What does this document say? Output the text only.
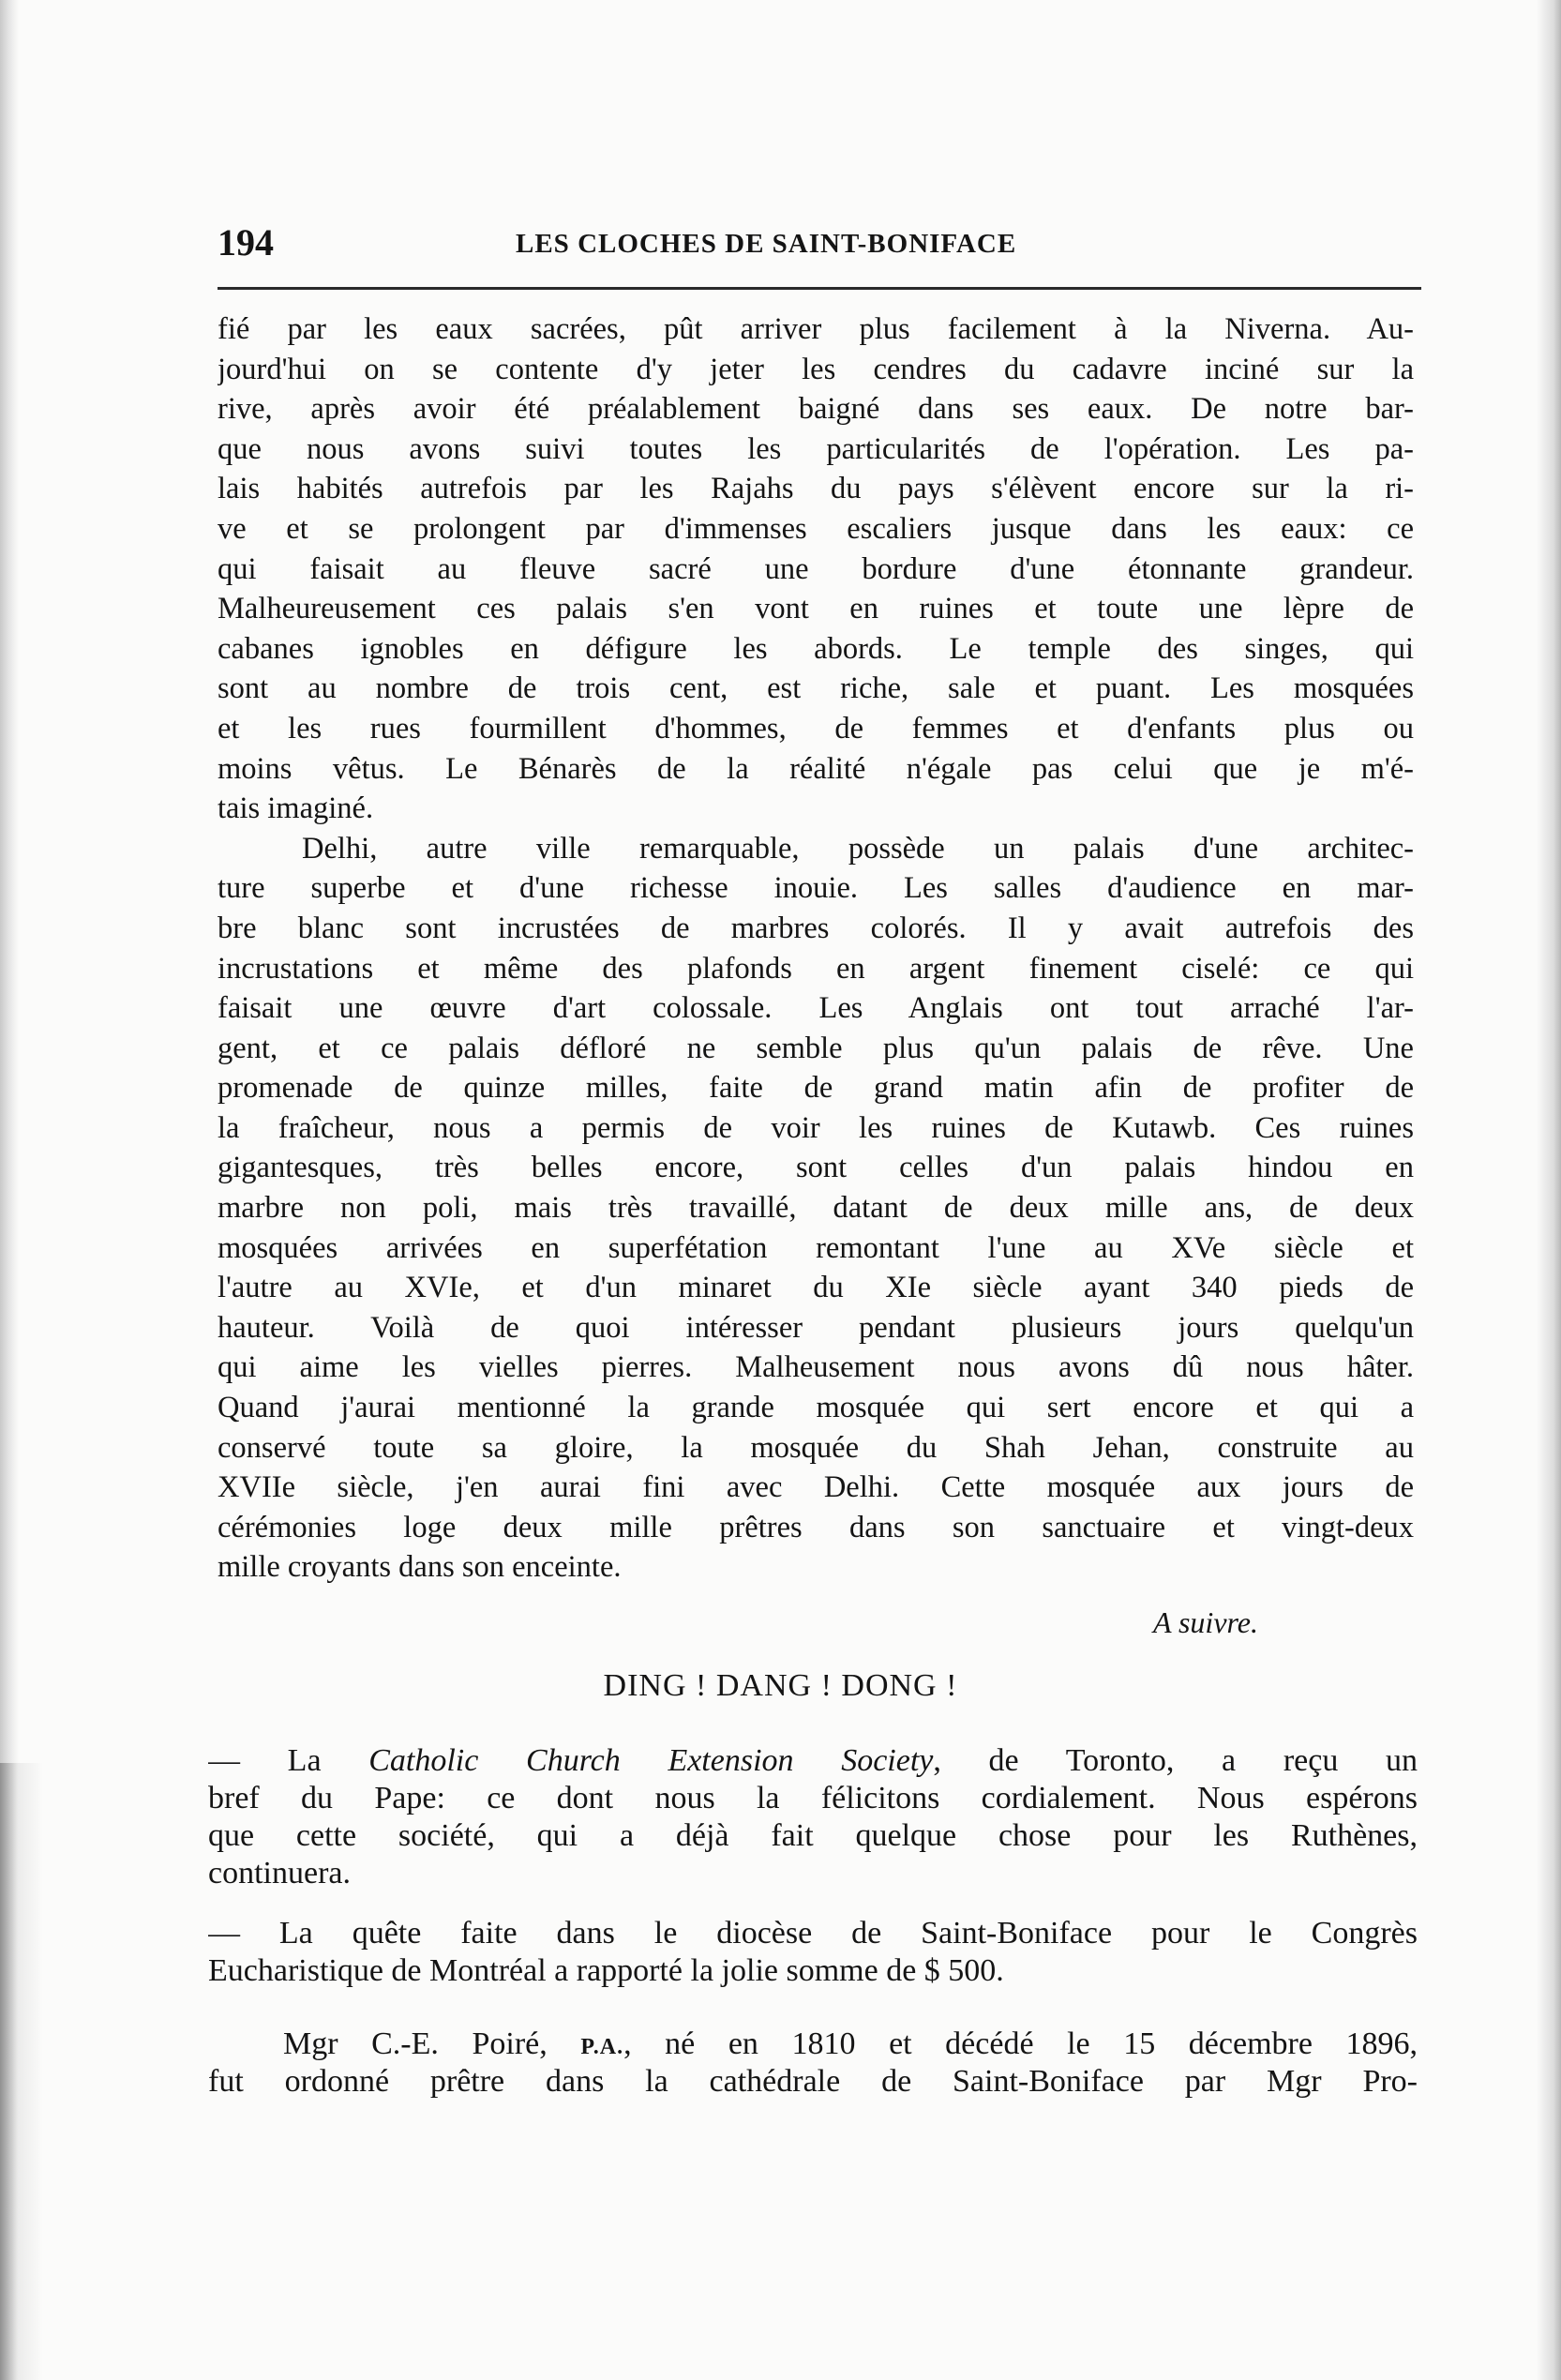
194	LES CLOCHES DE SAINT-BONIFACE
fié par les eaux sacrées, pût arriver plus facilement à la Niverna. Au-
jourd'hui on se contente d'y jeter les cendres du cadavre inciné sur la
rive, après avoir été préalablement baigné dans ses eaux. De notre bar-
que nous avons suivi toutes les particularités de l'opération. Les pa-
lais habités autrefois par les Rajahs du pays s'élèvent encore sur la ri-
ve et se prolongent par d'immenses escaliers jusque dans les eaux: ce
qui faisait au fleuve sacré une bordure d'une étonnante grandeur.
Malheureusement ces palais s'en vont en ruines et toute une lèpre de
cabanes ignobles en défigure les abords. Le temple des singes, qui
sont au nombre de trois cent, est riche, sale et puant. Les mosquées
et les rues fourmillent d'hommes, de femmes et d'enfants plus ou
moins vêtus. Le Bénarès de la réalité n'égale pas celui que je m'é-
tais imaginé.
Delhi, autre ville remarquable, possède un palais d'une architec-
ture superbe et d'une richesse inouie. Les salles d'audience en mar-
bre blanc sont incrustées de marbres colorés. Il y avait autrefois des
incrustations et même des plafonds en argent finement ciselé: ce qui
faisait une œuvre d'art colossale. Les Anglais ont tout arraché l'ar-
gent, et ce palais défloré ne semble plus qu'un palais de rêve. Une
promenade de quinze milles, faite de grand matin afin de profiter de
la fraîcheur, nous a permis de voir les ruines de Kutawb. Ces ruines
gigantesques, très belles encore, sont celles d'un palais hindou en
marbre non poli, mais très travaillé, datant de deux mille ans, de deux
mosquées arrivées en superfétation remontant l'une au XVe siècle et
l'autre au XVIe, et d'un minaret du XIe siècle ayant 340 pieds de
hauteur. Voilà de quoi intéresser pendant plusieurs jours quelqu'un
qui aime les vielles pierres. Malheusement nous avons dû nous hâter.
Quand j'aurai mentionné la grande mosquée qui sert encore et qui a
conservé toute sa gloire, la mosquée du Shah Jehan, construite au
XVIIe siècle, j'en aurai fini avec Delhi. Cette mosquée aux jours de
cérémonies loge deux mille prêtres dans son sanctuaire et vingt-deux
mille croyants dans son enceinte.
A suivre.
DING ! DANG ! DONG !
— La Catholic Church Extension Society, de Toronto, a reçu un
bref du Pape: ce dont nous la félicitons cordialement. Nous espérons
que cette société, qui a déjà fait quelque chose pour les Ruthènes,
continuera.
— La quête faite dans le diocèse de Saint-Boniface pour le Congrès
Eucharistique de Montréal a rapporté la jolie somme de $ 500.
Mgr C.-E. Poiré, P.A., né en 1810 et décédé le 15 décembre 1896,
fut ordonné prêtre dans la cathédrale de Saint-Boniface par Mgr Pro-
